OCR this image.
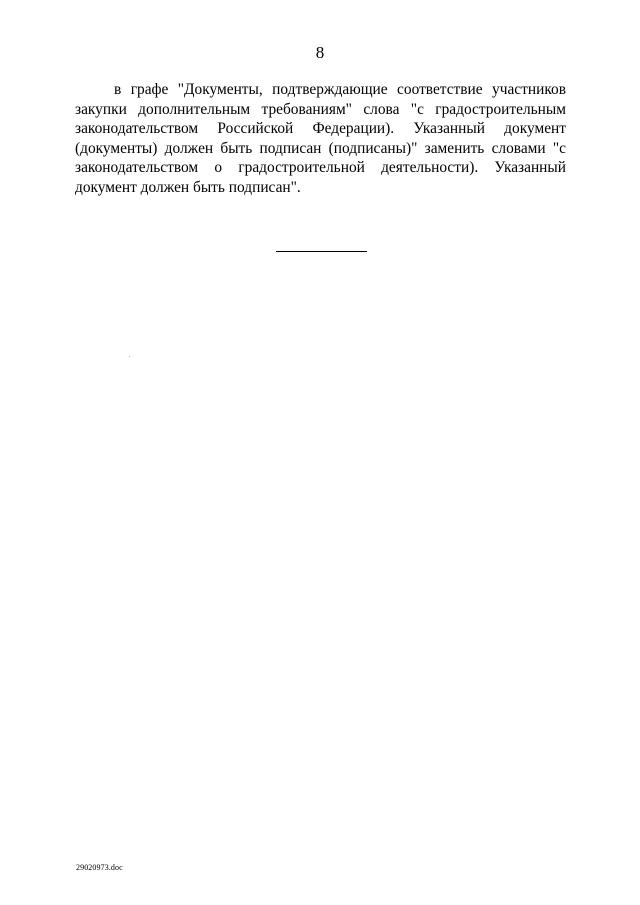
8

в графе "Документы, подтверждающие соответствие участников закупки дополнительным требованиям" слова "с градостроительным законодательством Российской Федерации). Указанный документ (документы) должен быть подписан (подписаны)" заменить словами "с законодательством о градостроительной деятельности). Указанный документ должен быть подписан".

29020973.doc
